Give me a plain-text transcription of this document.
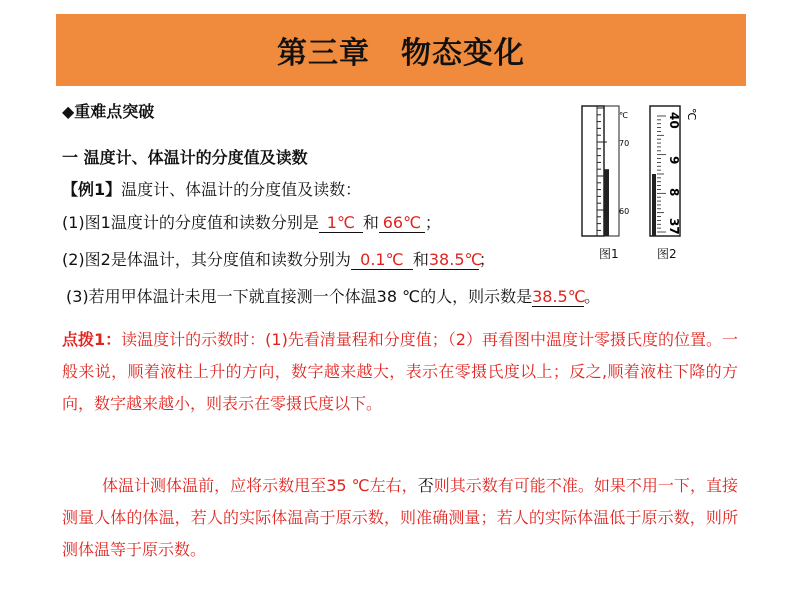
第三章　物态变化
◆重难点突破
一 温度计、体温计的分度值及读数
【例1】温度计、体温计的分度值及读数：
(1)图1温度计的分度值和读数分别是 1℃ 和 66℃ ；
(2)图2是体温计，其分度值和读数分别为 0.1℃ 和38.5℃；
(3)若用甲体温计未甩一下就直接测一个体温38 ℃的人，则示数是38.5℃。
℃
70
60
℃
40
9
8
37
图1	图2
点拨1：读温度计的示数时：(1)先看清量程和分度值；（2）再看图中温度计零摄氏度的位置。一般来说，顺着液柱上升的方向，数字越来越大，表示在零摄氏度以上；反之,顺着液柱下降的方向，数字越来越小，则表示在零摄氏度以下。
体温计测体温前，应将示数甩至35 ℃左右，否则其示数有可能不准。如果不用一下，直接测量人体的体温，若人的实际体温高于原示数，则准确测量；若人的实际体温低于原示数，则所测体温等于原示数。
